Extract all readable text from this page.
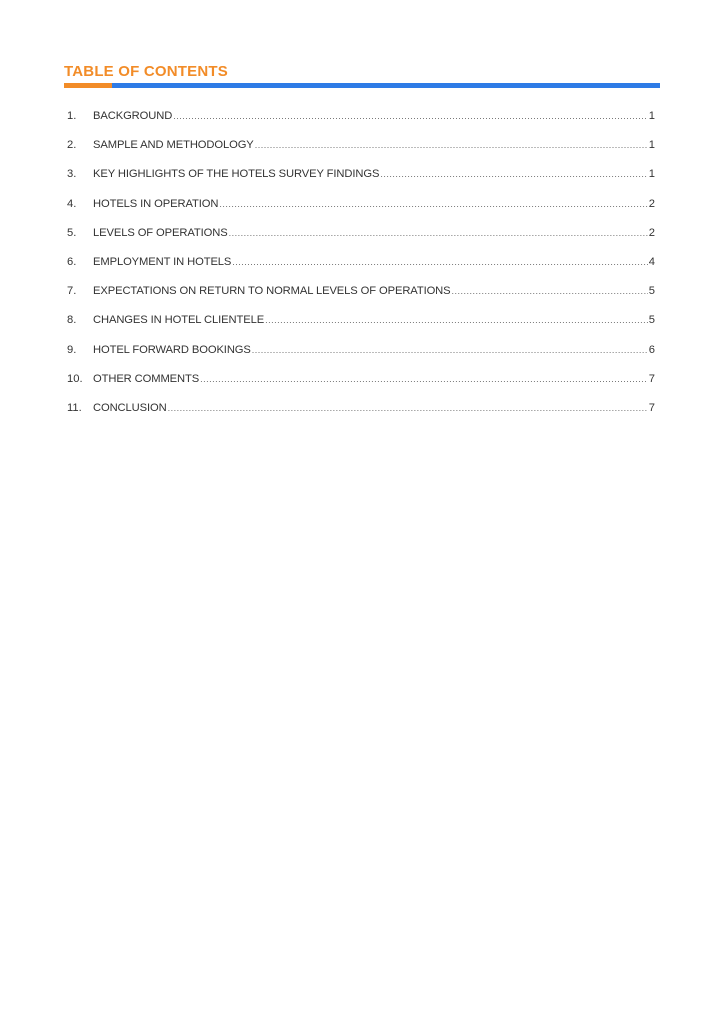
TABLE OF CONTENTS
1.	BACKGROUND .....	1
2.	SAMPLE AND METHODOLOGY .....	1
3.	KEY HIGHLIGHTS OF THE HOTELS SURVEY FINDINGS .....	1
4.	HOTELS IN OPERATION .....	2
5.	LEVELS OF OPERATIONS .....	2
6.	EMPLOYMENT IN HOTELS .....	4
7.	EXPECTATIONS ON RETURN TO NORMAL LEVELS OF OPERATIONS .....	5
8.	CHANGES IN HOTEL CLIENTELE .....	5
9.	HOTEL FORWARD BOOKINGS .....	6
10. OTHER COMMENTS .....	7
11.	CONCLUSION .....	7
